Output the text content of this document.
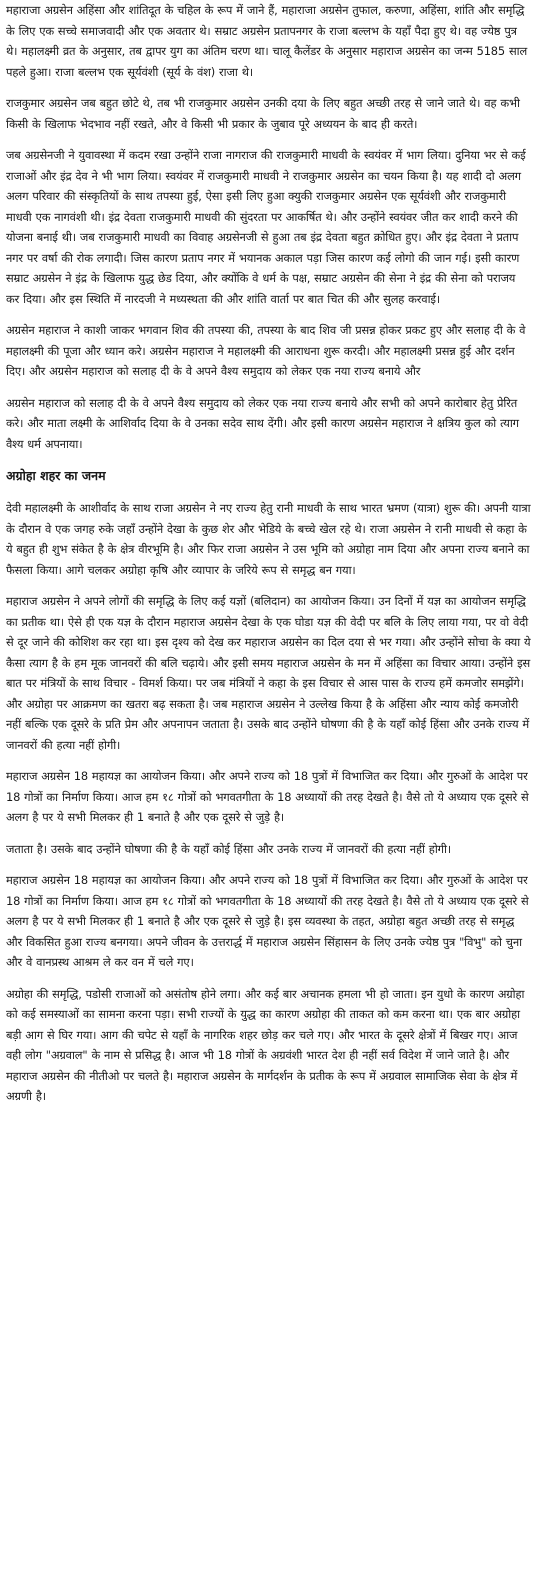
महाराजा अग्रसेन अहिंसा और शांतिदूत के चहिल के रूप में जाने हैं, महाराजा अग्रसेन तुफाल, करुणा, अहिंसा, शांति और समृद्धि के लिए एक सच्चे समाजवादी और एक अवतार थे। सम्राट अग्रसेन प्रतापनगर के राजा बल्लभ के यहाँ पैदा हुए थे। वह ज्येष्ठ पुत्र थे। महालक्ष्मी व्रत के अनुसार, तब द्वापर युग का अंतिम चरण था। चालू कैलेंडर के अनुसार महाराज अग्रसेन का जन्म 5185 साल पहले हुआ। राजा बल्लभ एक सूर्यवंशी (सूर्य के वंश) राजा थे।

राजकुमार अग्रसेन जब बहुत छोटे थे, तब भी राजकुमार अग्रसेन उनकी दया के लिए बहुत अच्छी तरह से जाने जाते थे। वह कभी किसी के खिलाफ भेदभाव नहीं रखते, और वे किसी भी प्रकार के जुबाव पूरे अध्ययन के बाद ही करते।

जब अग्रसेनजी ने युवावस्था में कदम रखा उन्होंने राजा नागराज की राजकुमारी माधवी के स्वयंवर में भाग लिया। दुनिया भर से कई राजाओं और इंद्र देव ने भी भाग लिया। स्वयंवर में राजकुमारी माधवी ने राजकुमार अग्रसेन का चयन किया है। यह शादी दो अलग अलग परिवार की संस्कृतियों के साथ तपस्या हुई, ऐसा इसी लिए हुआ क्युकी राजकुमार अग्रसेन एक सूर्यवंशी और राजकुमारी माधवी एक नागवंशी थी। इंद्र देवता राजकुमारी माधवी की सुंदरता पर आकर्षित थे। और उन्होंने स्वयंवर जीत कर शादी करने की योजना बनाई थी। जब राजकुमारी माधवी का विवाह अग्रसेनजी से हुआ तब इंद्र देवता बहुत क्रोधित हुए। और इंद्र देवता ने प्रताप नगर पर वर्षा की रोक लगादी। जिस कारण प्रताप नगर में भयानक अकाल पड़ा जिस कारण कई लोगो की जान गई। इसी कारण सम्राट अग्रसेन ने इंद्र के खिलाफ युद्ध छेड दिया, और क्योंकि वे धर्म के पक्ष, सम्राट अग्रसेन की सेना ने इंद्र की सेना को पराजय कर दिया। और इस स्थिति में नारदजी ने मध्यस्थता की और शांति वार्ता पर बात चित की और सुलह करवाई।

अग्रसेन महाराज ने काशी जाकर भगवान शिव की तपस्या की, तपस्या के बाद शिव जी प्रसन्न होकर प्रकट हुए और सलाह दी के वे महालक्ष्मी की पूजा और ध्यान करे। अग्रसेन महाराज ने महालक्ष्मी की आराधना शुरू करदी। और महालक्ष्मी प्रसन्न हुई और दर्शन दिए। और अग्रसेन महाराज को सलाह दी के वे अपने वैश्य समुदाय को लेकर एक नया राज्य बनाये और

अग्रसेन महाराज को सलाह दी के वे अपने वैश्य समुदाय को लेकर एक नया राज्य बनाये और सभी को अपने कारोबार हेतु प्रेरित करे। और माता लक्ष्मी के आशिर्वाद दिया के वे उनका सदेव साथ देंगी। और इसी कारण अग्रसेन महाराज ने क्षत्रिय कुल को त्याग वैश्य धर्म अपनाया।

अग्रोहा शहर का जनम

देवी महालक्ष्मी के आशीर्वाद के साथ राजा अग्रसेन ने नए राज्य हेतु रानी माधवी के साथ भारत भ्रमण (यात्रा) शुरू की। अपनी यात्रा के दौरान वे एक जगह रुके जहाँ उन्होंने देखा के कुछ शेर और भेडिये के बच्चे खेल रहे थे। राजा अग्रसेन ने रानी माधवी से कहा के ये बहुत ही शुभ संकेत है के क्षेत्र वीरभूमि है। और फिर राजा अग्रसेन ने उस भूमि को अग्रोहा नाम दिया और अपना राज्य बनाने का फैसला किया। आगे चलकर अग्रोहा कृषि और व्यापार के जरिये रूप से समृद्ध बन गया।

महाराज अग्रसेन ने अपने लोगों की समृद्धि के लिए कई यज्ञों (बलिदान) का आयोजन किया। उन दिनों में यज्ञ का आयोजन समृद्धि का प्रतीक था। ऐसे ही एक यज्ञ के दौरान महाराज अग्रसेन देखा के एक घोडा यज्ञ की वेदी पर बलि के लिए लाया गया, पर वो वेदी से दूर जाने की कोशिश कर रहा था। इस दृश्य को देख कर महाराज अग्रसेन का दिल दया से भर गया। और उन्होंने सोचा के क्या ये कैसा त्याग है के हम मूक जानवरों की बलि चढ़ाये। और इसी समय महाराज अग्रसेन के मन में अहिंसा का विचार आया। उन्होंने इस बात पर मंत्रियों के साथ विचार - विमर्श किया। पर जब मंत्रियों ने कहा के इस विचार से आस पास के राज्य हमें कमजोर समझेंगे। और अग्रोहा पर आक्रमण का खतरा बढ़ सकता है। जब महाराज अग्रसेन ने उल्लेख किया है के अहिंसा और न्याय कोई कमजोरी नहीं बल्कि एक दूसरे के प्रति प्रेम और अपनापन जताता है। उसके बाद उन्होंने घोषणा की है के यहाँ कोई हिंसा और उनके राज्य में जानवरों की हत्या नहीं होगी।

महाराज अग्रसेन 18 महायज्ञ का आयोजन किया। और अपने राज्य को 18 पुत्रों में विभाजित कर दिया। और गुरुओं के आदेश पर 18 गोत्रों का निर्माण किया। आज हम १८ गोत्रों को भगवतगीता के 18 अध्यायों की तरह देखते है। वैसे तो ये अध्याय एक दूसरे से अलग है पर ये सभी मिलकर ही 1 बनाते है और एक दूसरे से जुड़े है।

जताता है। उसके बाद उन्होंने घोषणा की है के यहाँ कोई हिंसा और उनके राज्य में जानवरों की हत्या नहीं होगी।

महाराज अग्रसेन 18 महायज्ञ का आयोजन किया। और अपने राज्य को 18 पुत्रों में विभाजित कर दिया। और गुरुओं के आदेश पर 18 गोत्रों का निर्माण किया। आज हम १८ गोत्रों को भगवतगीता के 18 अध्यायों की तरह देखते है। वैसे तो ये अध्याय एक दूसरे से अलग है पर ये सभी मिलकर ही 1 बनाते है और एक दूसरे से जुड़े है। इस व्यवस्था के तहत, अग्रोहा बहुत अच्छी तरह से समृद्ध और विकसित हुआ राज्य बनगया। अपने जीवन के उत्तरार्द्ध में महाराज अग्रसेन सिंहासन के लिए उनके ज्येष्ठ पुत्र "विभु" को चुना और वे वानप्रस्थ आश्रम ले कर वन में चले गए।

अग्रोहा की समृद्धि, पडोसी राजाओं को असंतोष होने लगा। और कई बार अचानक हमला भी हो जाता। इन युधो के कारण अग्रोहा को कई समस्याओं का सामना करना पड़ा। सभी राज्यों के युद्ध का कारण अग्रोहा की ताकत को कम करना था। एक बार अग्रोहा बड़ी आग से घिर गया। आग की चपेट से यहाँ के नागरिक शहर छोड़ कर चले गए। और भारत के दूसरे क्षेत्रों में बिखर गए। आज वही लोग "अग्रवाल" के नाम से प्रसिद्ध है। आज भी 18 गोत्रों के अग्रवंशी भारत देश ही नहीं सर्व विदेश में जाने जाते है। और महाराज अग्रसेन की नीतीओ पर चलते है। महाराज अग्रसेन के मार्गदर्शन के प्रतीक के रूप में अग्रवाल सामाजिक सेवा के क्षेत्र में अग्रणी है।
